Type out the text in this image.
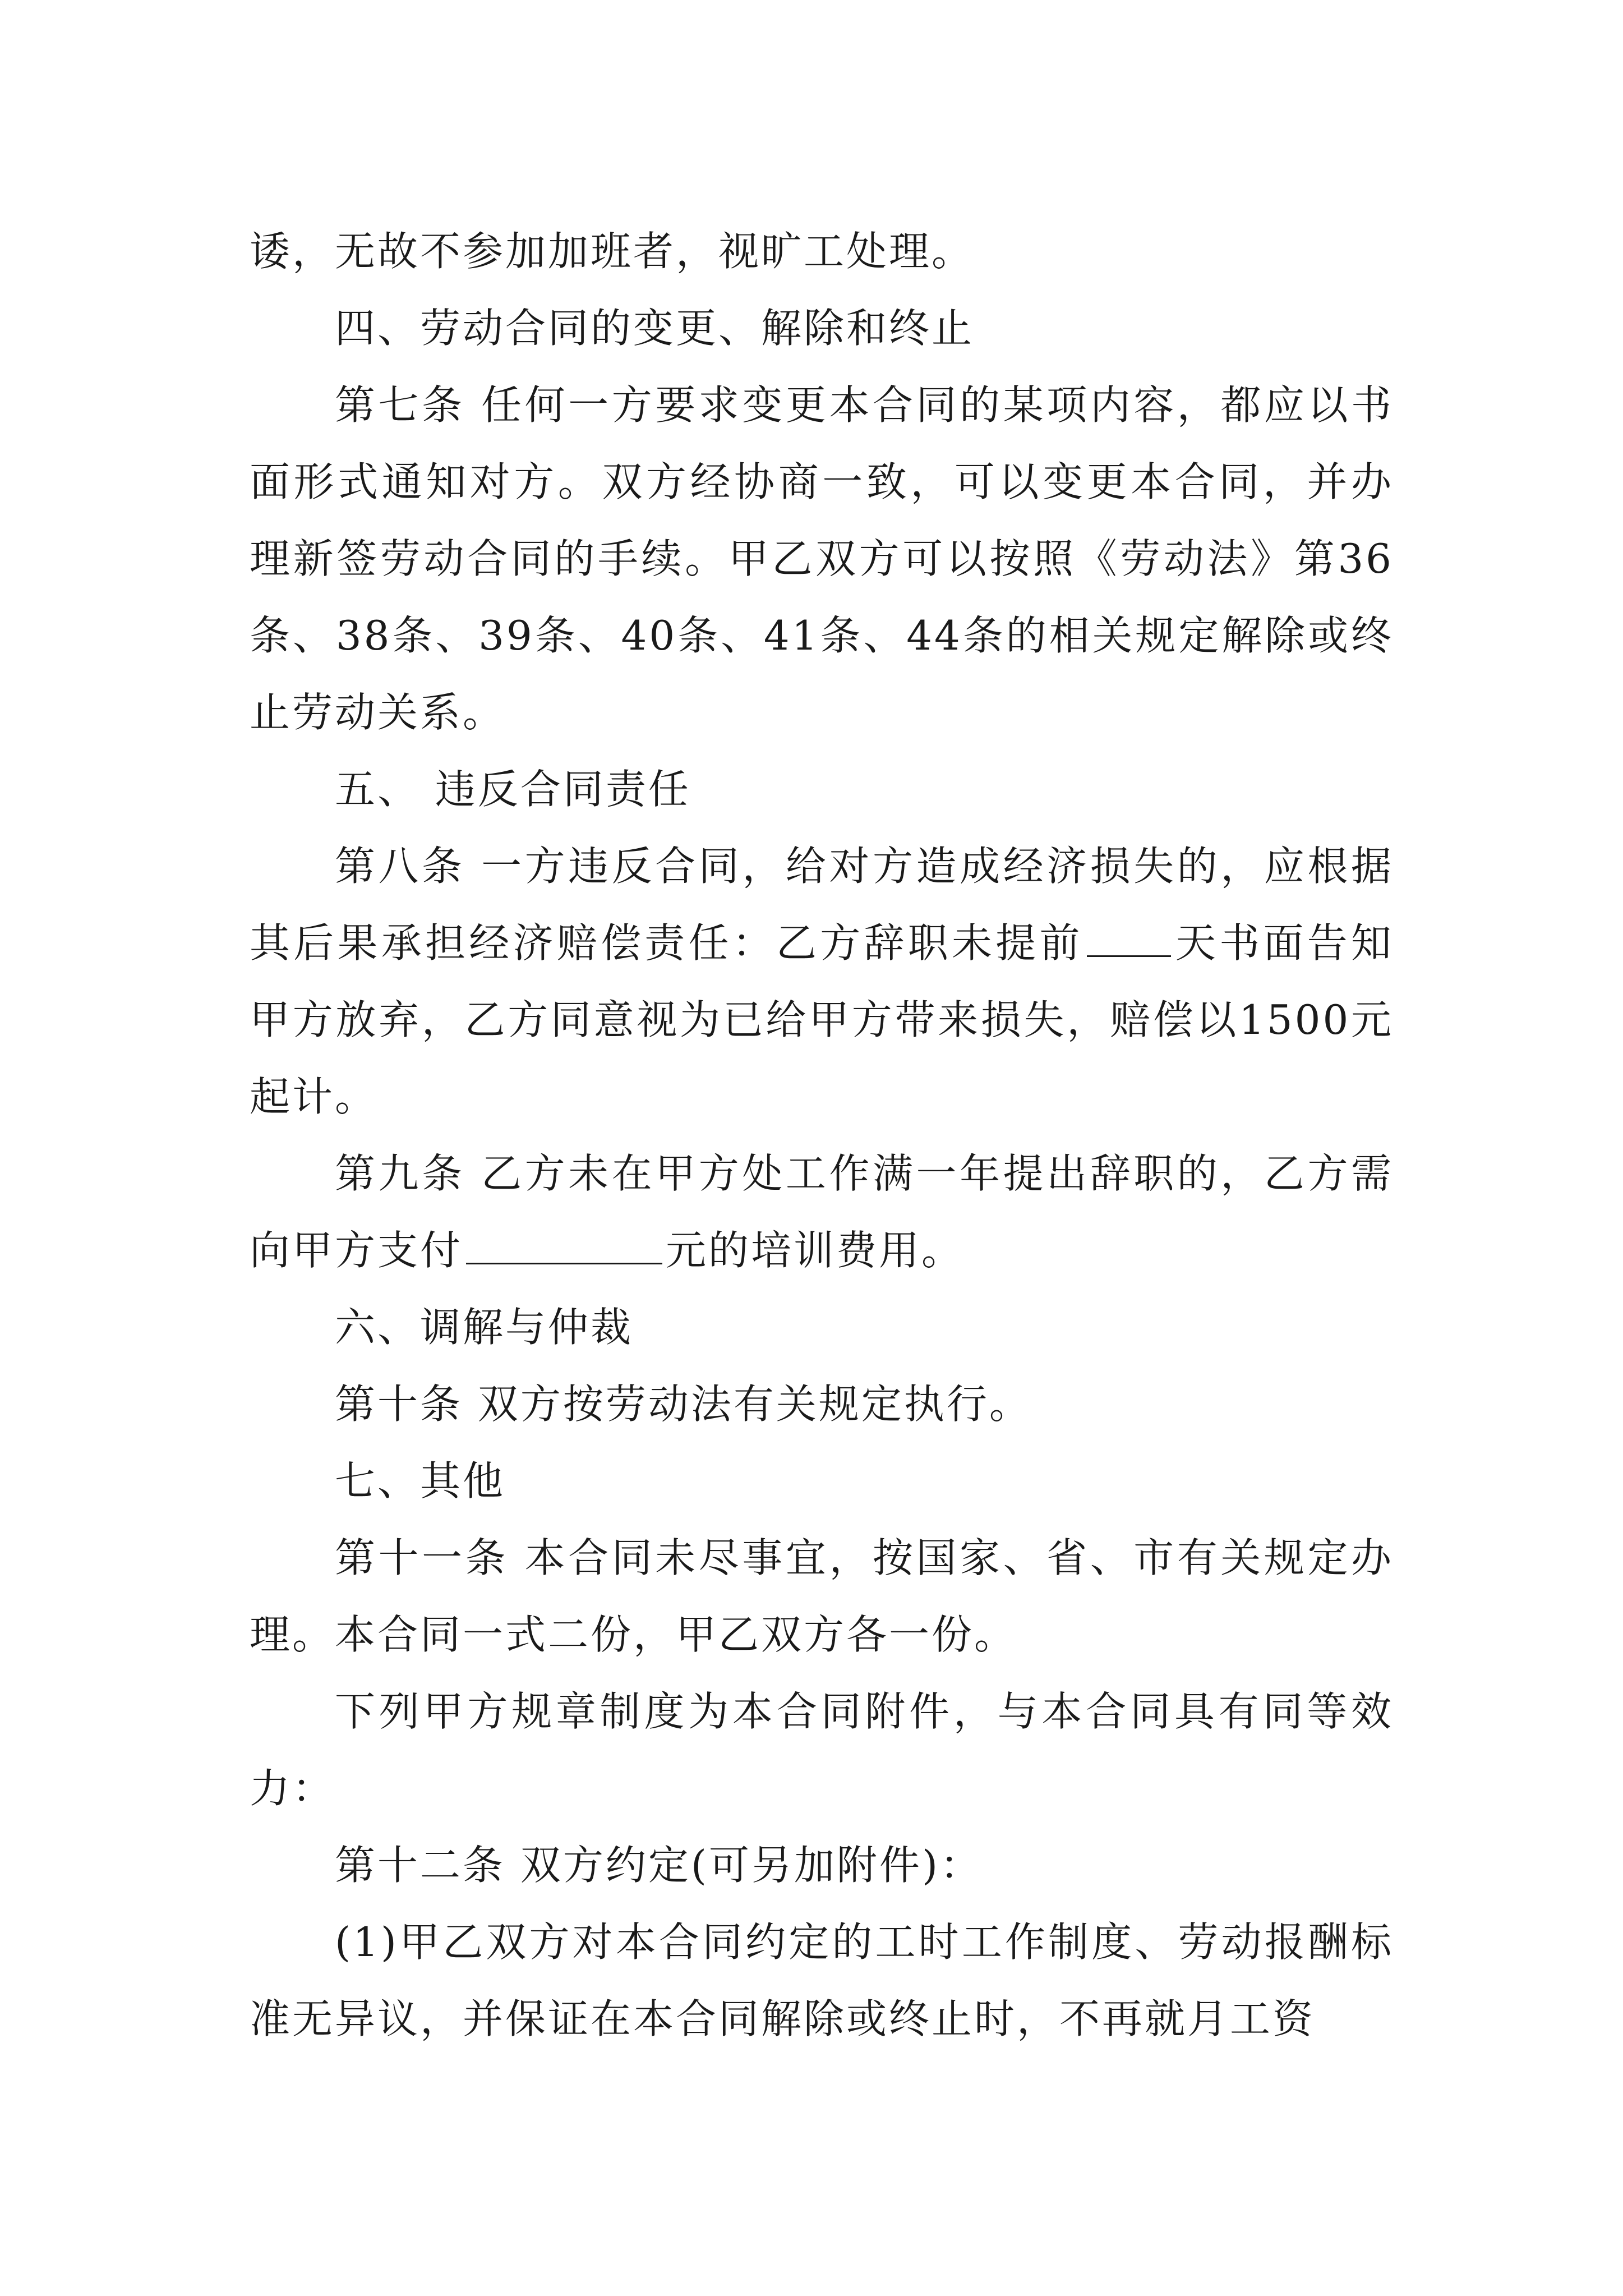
诿，无故不参加加班者，视旷工处理。

四、劳动合同的变更、解除和终止

第七条 任何一方要求变更本合同的某项内容，都应以书面形式通知对方。双方经协商一致，可以变更本合同，并办理新签劳动合同的手续。甲乙双方可以按照《劳动法》第36条、38条、39条、40条、41条、44条的相关规定解除或终止劳动关系。

五、 违反合同责任

第八条 一方违反合同，给对方造成经济损失的，应根据其后果承担经济赔偿责任：乙方辞职未提前 天书面告知甲方放弃，乙方同意视为已给甲方带来损失，赔偿以1500元起计。

第九条 乙方未在甲方处工作满一年提出辞职的，乙方需向甲方支付	元的培训费用。

六、调解与仲裁

第十条 双方按劳动法有关规定执行。

七、其他

第十一条 本合同未尽事宜，按国家、省、市有关规定办理。本合同一式二份，甲乙双方各一份。

下列甲方规章制度为本合同附件，与本合同具有同等效力：

第十二条 双方约定(可另加附件)：

(1)甲乙双方对本合同约定的工时工作制度、劳动报酬标准无异议，并保证在本合同解除或终止时，不再就月工资
